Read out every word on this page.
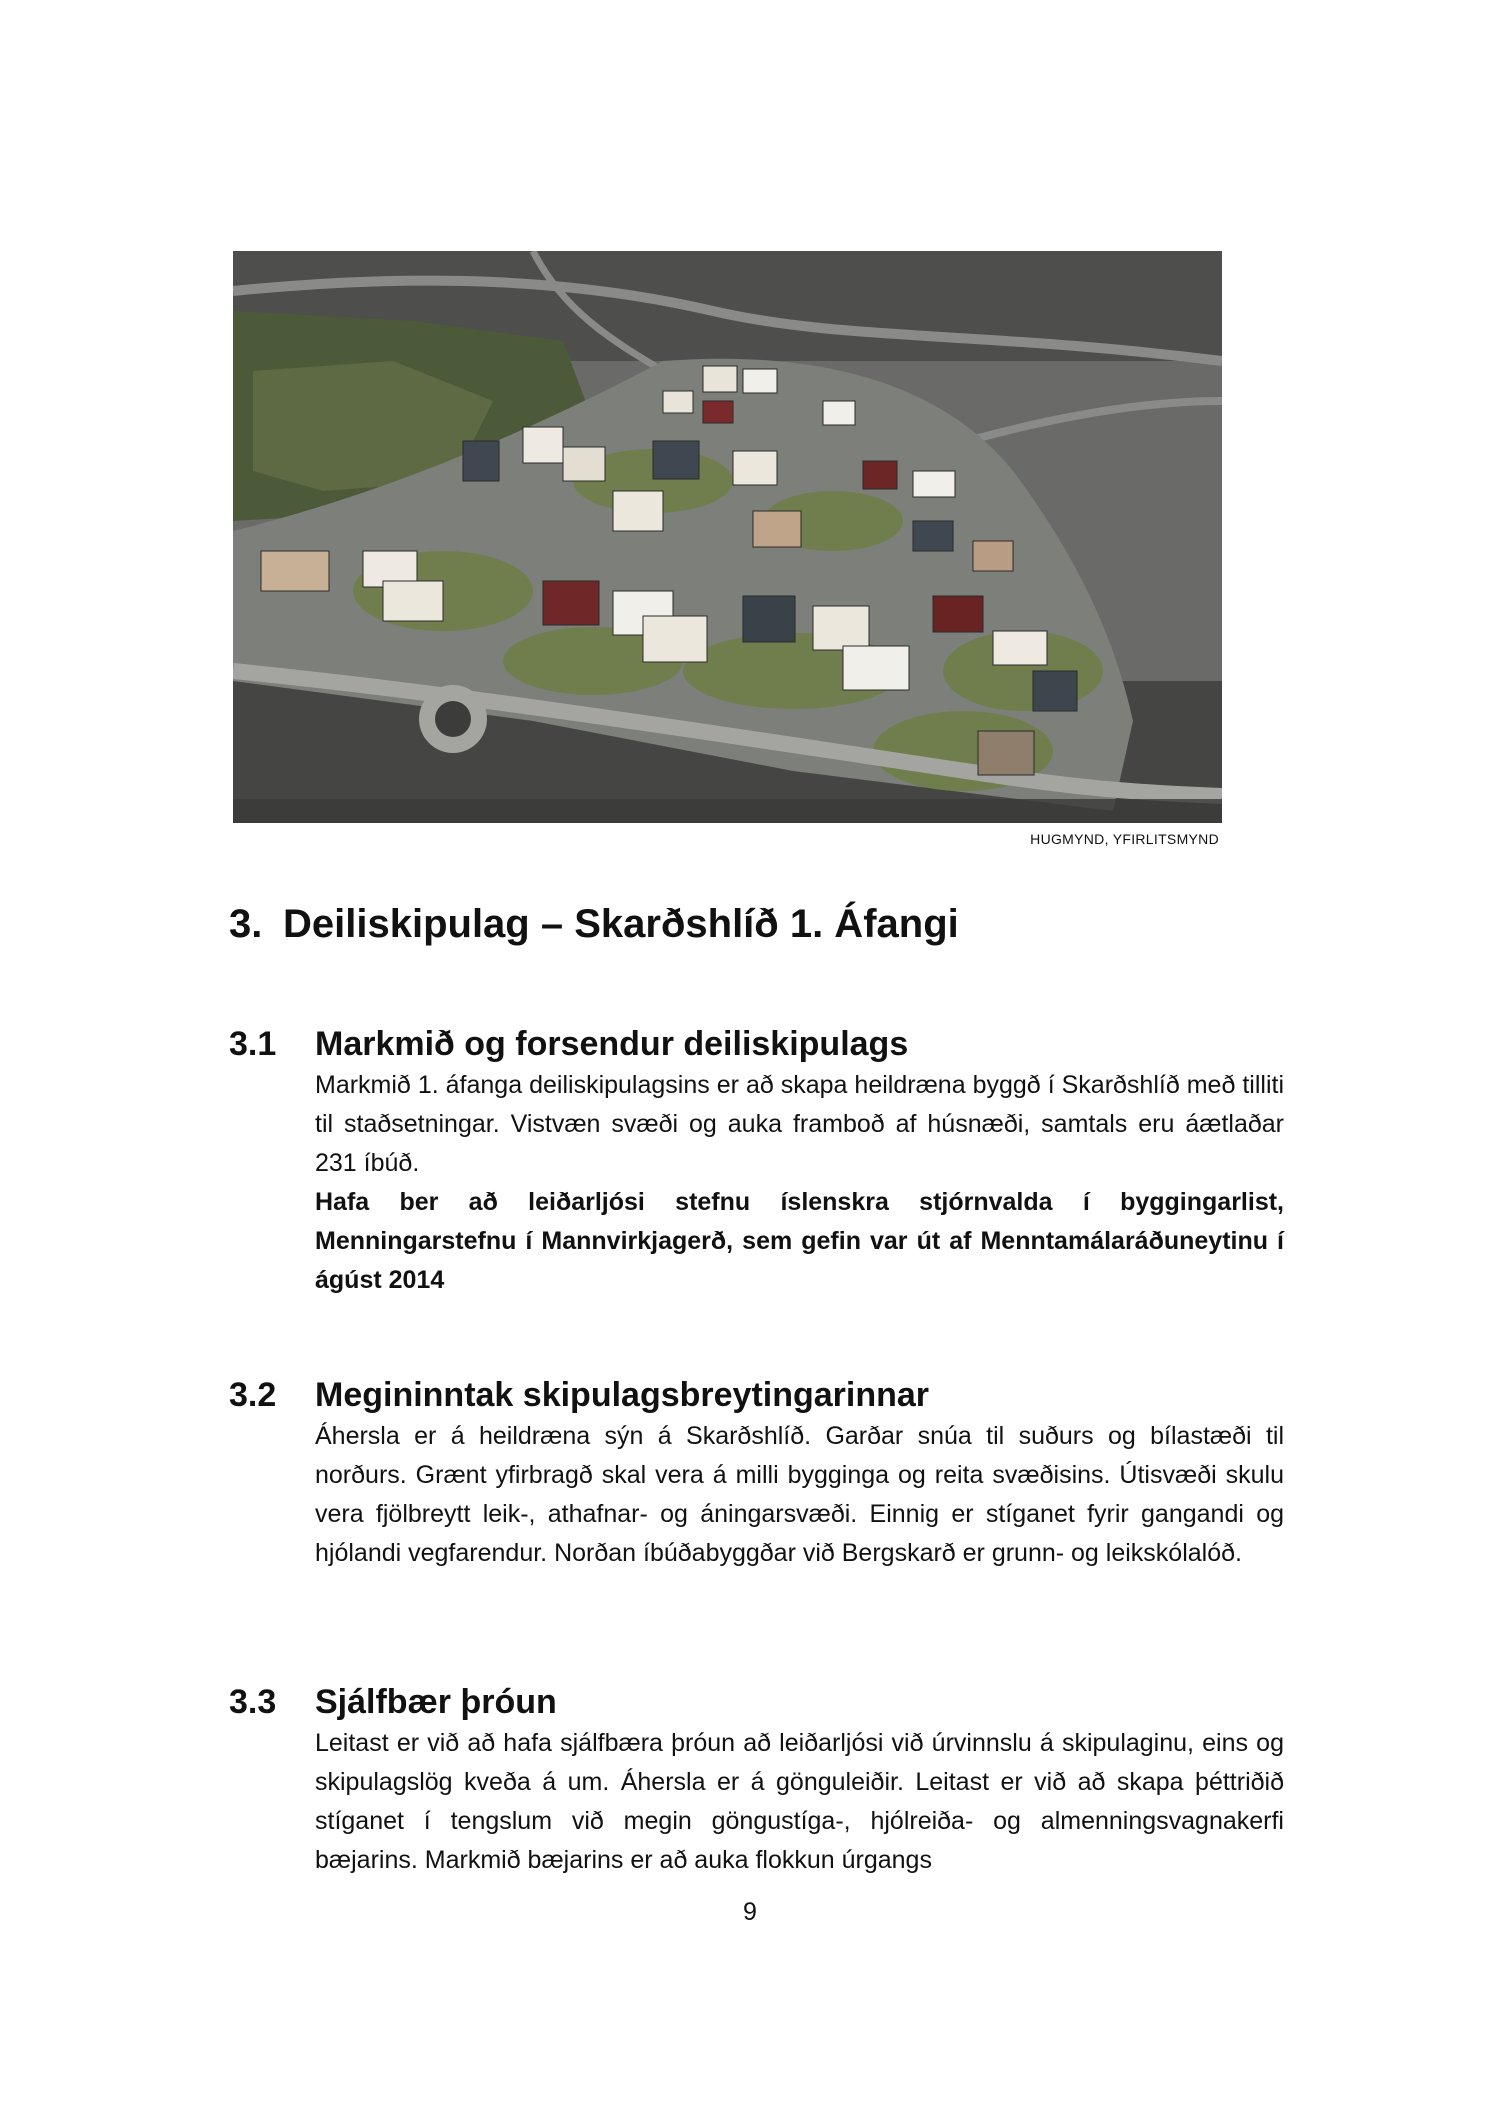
HUGMYND, YFIRLITSMYND
3. Deiliskipulag – Skarðshlíð 1. Áfangi
3.1 Markmið og forsendur deiliskipulags

Markmið 1. áfanga deiliskipulagsins er að skapa heildræna byggð í Skarðshlíð með tilliti til staðsetningar. Vistvæn svæði og auka framboð af húsnæði, samtals eru áætlaðar 231 íbúð.

Hafa ber að leiðarljósi stefnu íslenskra stjórnvalda í byggingarlist, Menningarstefnu í Mannvirkjagerð, sem gefin var út af Menntamálaráðuneytinu í ágúst 2014

3.2 Megininntak skipulagsbreytingarinnar

Áhersla er á heildræna sýn á Skarðshlíð. Garðar snúa til suðurs og bílastæði til norðurs. Grænt yfirbragð skal vera á milli bygginga og reita svæðisins. Útisvæði skulu vera fjölbreytt leik-, athafnar- og áningarsvæði. Einnig er stíganet fyrir gangandi og hjólandi vegfarendur. Norðan íbúðabyggðar við Bergskarð er grunn- og leikskólalóð.

3.3 Sjálfbær þróun

Leitast er við að hafa sjálfbæra þróun að leiðarljósi við úrvinnslu á skipulaginu, eins og skipulagslög kveða á um. Áhersla er á gönguleiðir. Leitast er við að skapa þéttriðið stíganet í tengslum við megin göngustíga-, hjólreiða- og almenningsvagnakerfi bæjarins. Markmið bæjarins er að auka flokkun úrgangs

9
